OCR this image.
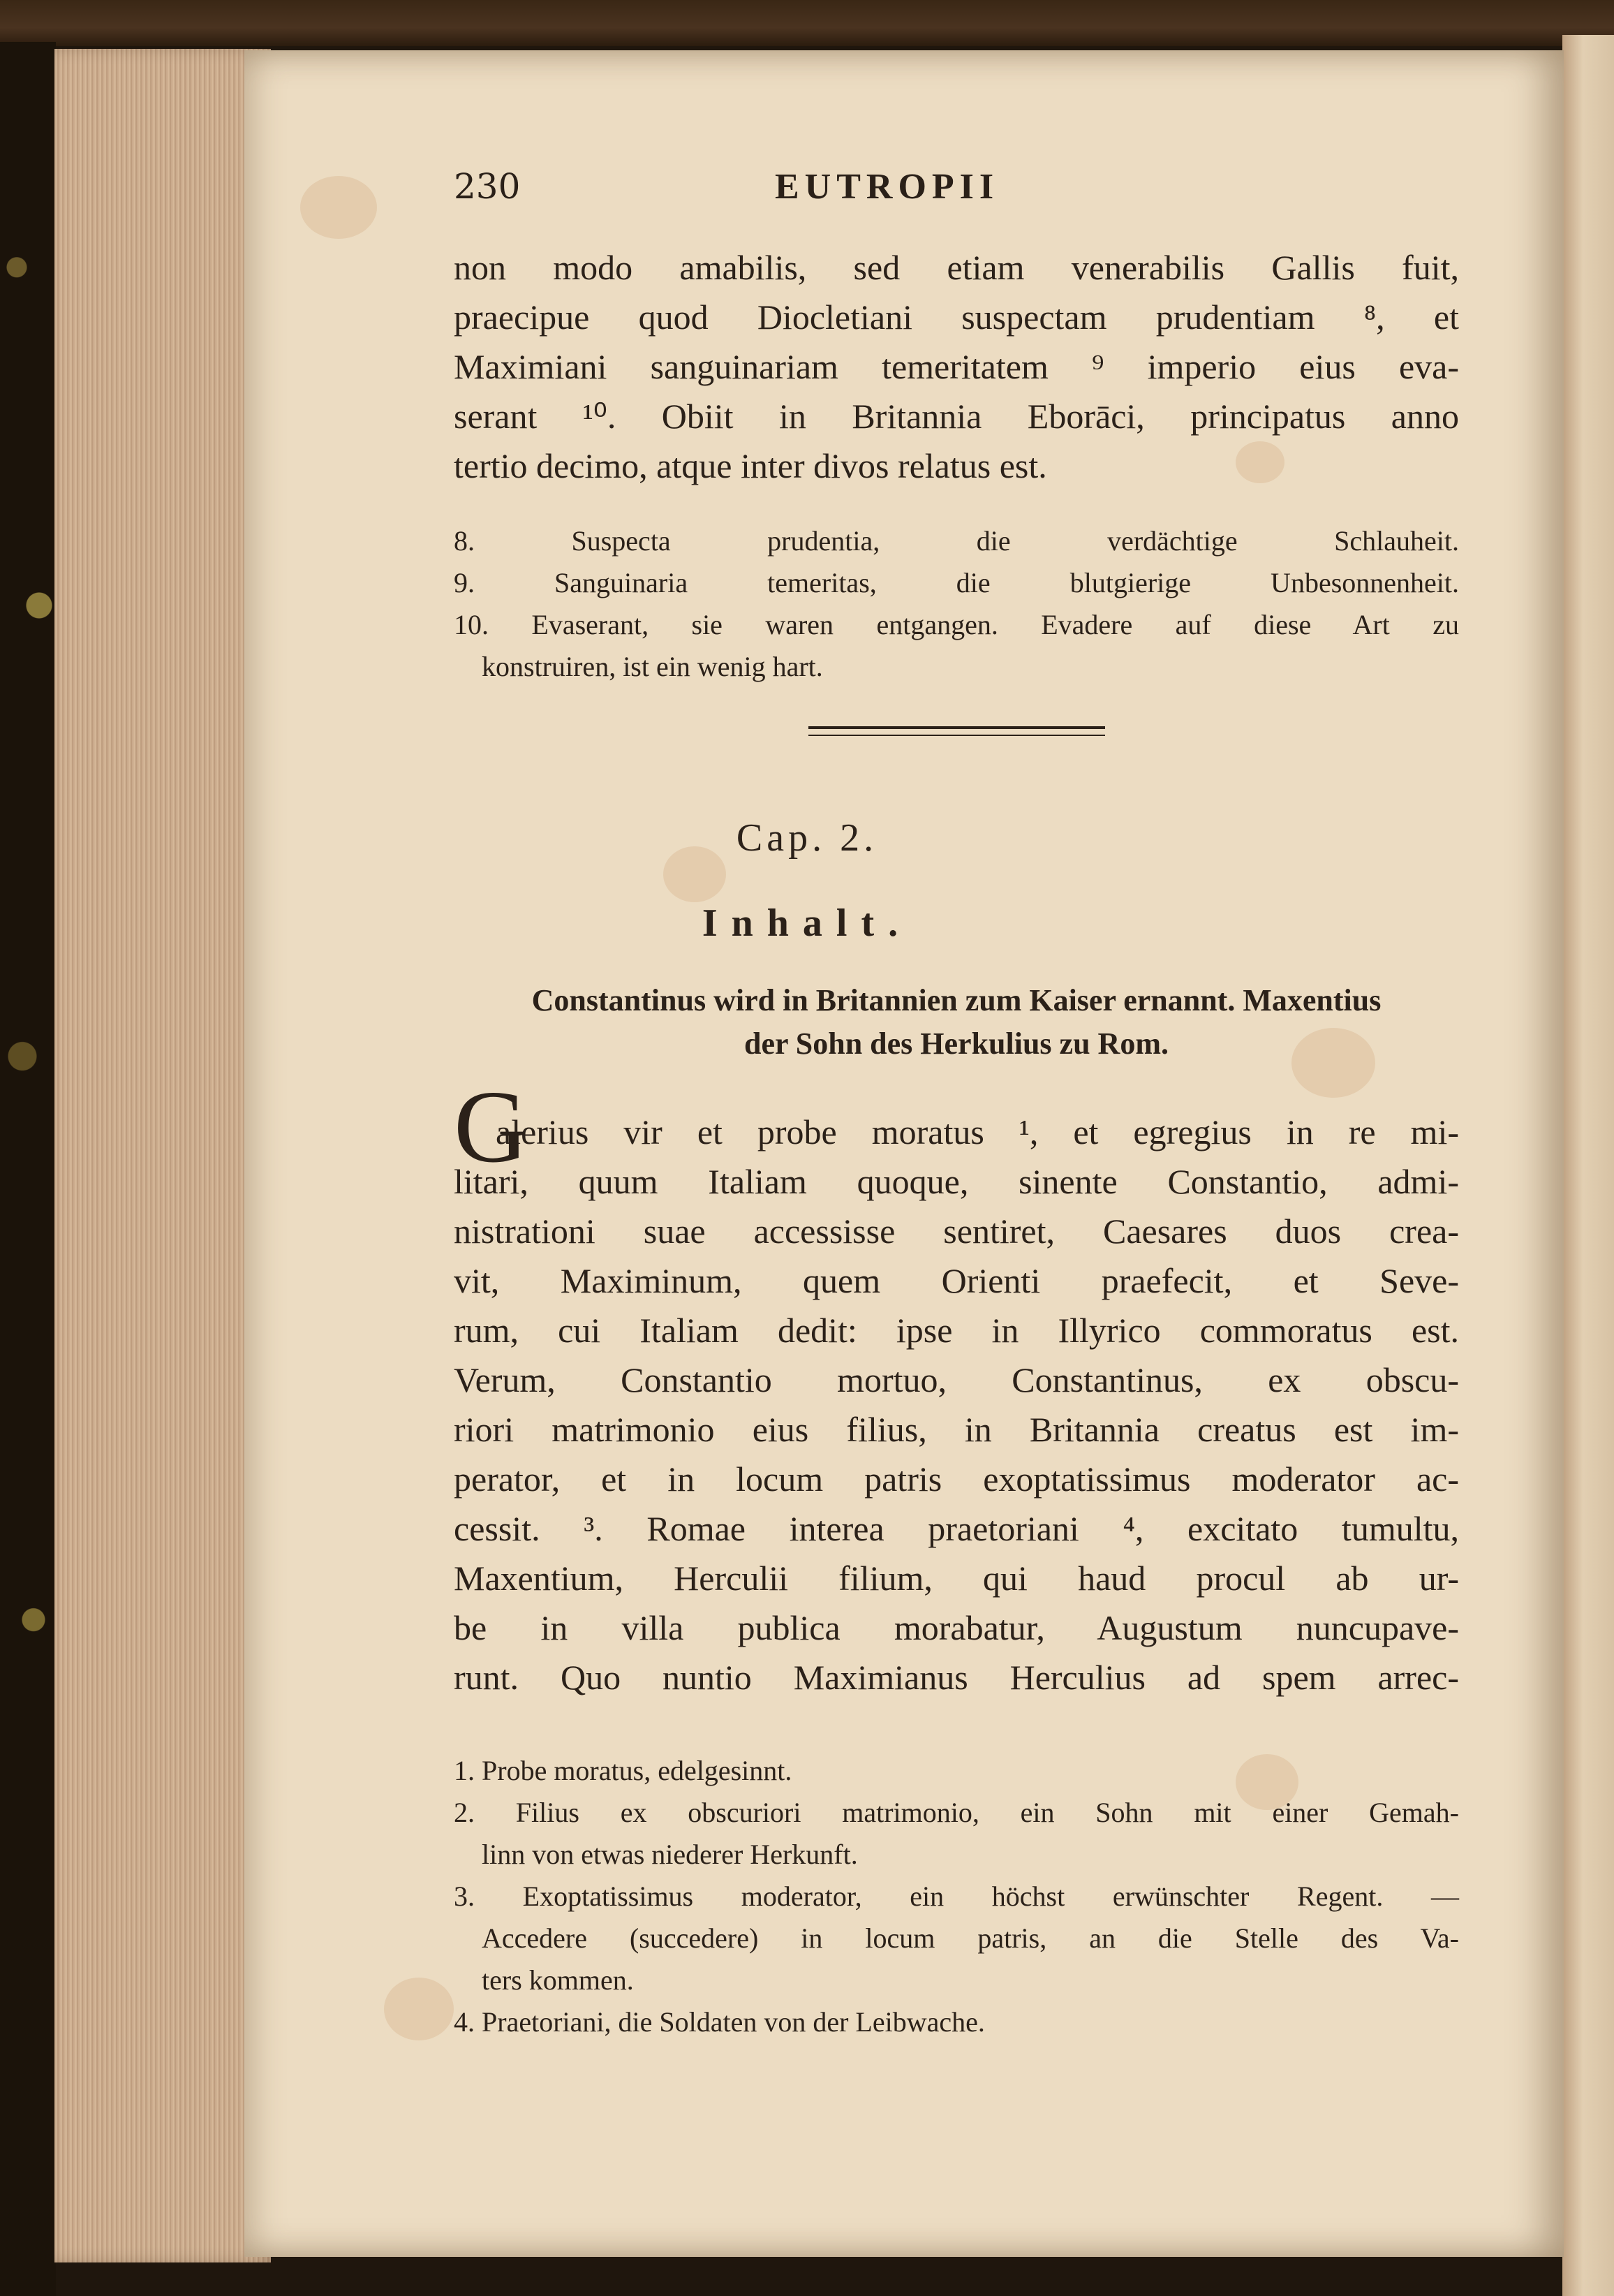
230	EUTROPII
non modo amabilis, sed etiam venerabilis Gallis fuit,
praecipue quod Diocletiani suspectam prudentiam ⁸, et
Maximiani sanguinariam temeritatem ⁹ imperio eius eva-
serant ¹⁰. Obiit in Britannia Eborāci, principatus anno
tertio decimo, atque inter divos relatus est.
8. Suspecta prudentia, die verdächtige Schlauheit.
9. Sanguinaria temeritas, die blutgierige Unbesonnenheit.
10. Evaserant, sie waren entgangen. Evadere auf diese Art zu
konstruiren, ist ein wenig hart.
Cap. 2.
Inhalt.
Constantinus wird in Britannien zum Kaiser ernannt. Maxentius
der Sohn des Herkulius zu Rom.
G
alerius vir et probe moratus ¹, et egregius in re mi-
litari, quum Italiam quoque, sinente Constantio, admi-
nistrationi suae accessisse sentiret, Caesares duos crea-
vit, Maximinum, quem Orienti praefecit, et Seve-
rum, cui Italiam dedit: ipse in Illyrico commoratus est.
Verum, Constantio mortuo, Constantinus, ex obscu-
riori matrimonio eius filius, in Britannia creatus est im-
perator, et in locum patris exoptatissimus moderator ac-
cessit. ³. Romae interea praetoriani ⁴, excitato tumultu,
Maxentium, Herculii filium, qui haud procul ab ur-
be in villa publica morabatur, Augustum nuncupave-
runt. Quo nuntio Maximianus Herculius ad spem arrec-
1. Probe moratus, edelgesinnt.
2. Filius ex obscuriori matrimonio, ein Sohn mit einer Gemah-
linn von etwas niederer Herkunft.
3. Exoptatissimus moderator, ein höchst erwünschter Regent. —
Accedere (succedere) in locum patris, an die Stelle des Va-
ters kommen.
4. Praetoriani, die Soldaten von der Leibwache.
